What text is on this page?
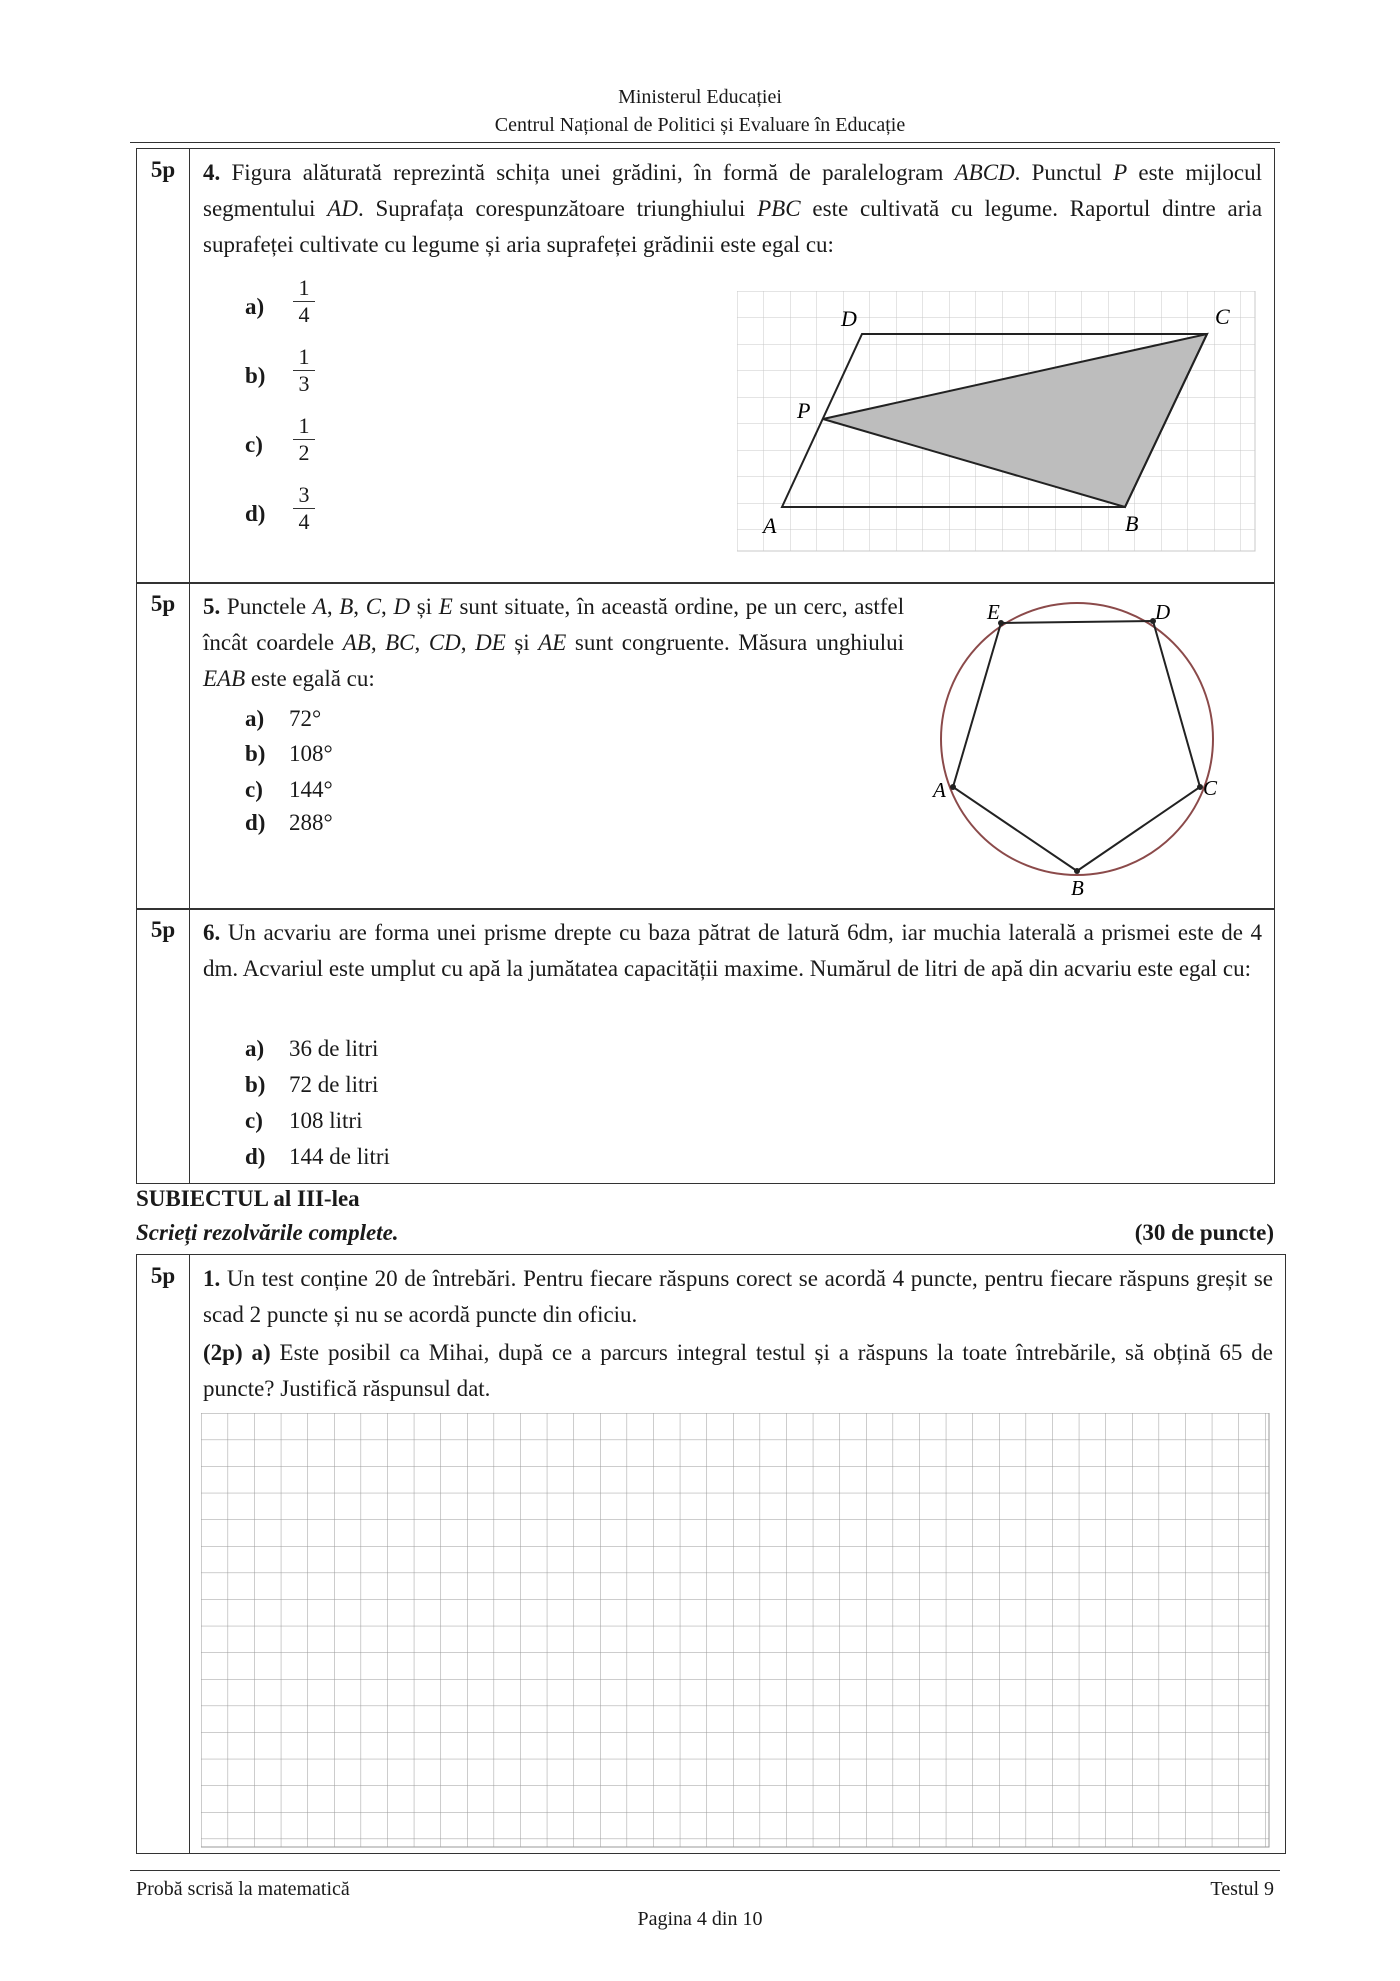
Ministerul Educației
Centrul Național de Politici și Evaluare în Educație
5p	4. Figura alăturată reprezintă schița unei grădini, în formă de paralelogram ABCD. Punctul P este mijlocul segmentului AD. Suprafața corespunzătoare triunghiului PBC este cultivată cu legume. Raportul dintre aria suprafeței cultivate cu legume și aria suprafeței grădinii este egal cu:
$a) \frac{1}{4}$
$b) \frac{1}{3}$
$c) \frac{1}{2}$
$d) \frac{3}{4}$	A	B
C
D
P
5p	5. Punctele A, B, C, D și E sunt situate, în această ordine, pe un cerc, astfel încât coardele AB, BC, CD, DE și AE sunt congruente. Măsura unghiului EAB este egală cu:
a) 72°
b) 108°
c) 144°
d) 288°
E	D
C
B
A
5p	6. Un acvariu are forma unei prisme drepte cu baza pătrat de latură 6dm, iar muchia laterală a prismei este de 4 dm. Acvariul este umplut cu apă la jumătatea capacității maxime. Numărul de litri de apă din acvariu este egal cu:
a) 36 de litri
b) 72 de litri
c) 108 litri
d) 144 de litri
SUBIECTUL al III-lea
Scrieți rezolvările complete.	(30 de puncte)
5p	1. Un test conține 20 de întrebări. Pentru fiecare răspuns corect se acordă 4 puncte, pentru fiecare răspuns greșit se scad 2 puncte și nu se acordă puncte din oficiu.
(2p) a) Este posibil ca Mihai, după ce a parcurs integral testul și a răspuns la toate întrebările, să obțină 65 de puncte? Justifică răspunsul dat.
Probă scrisă la matematică	Testul 9
Pagina 4 din 10
